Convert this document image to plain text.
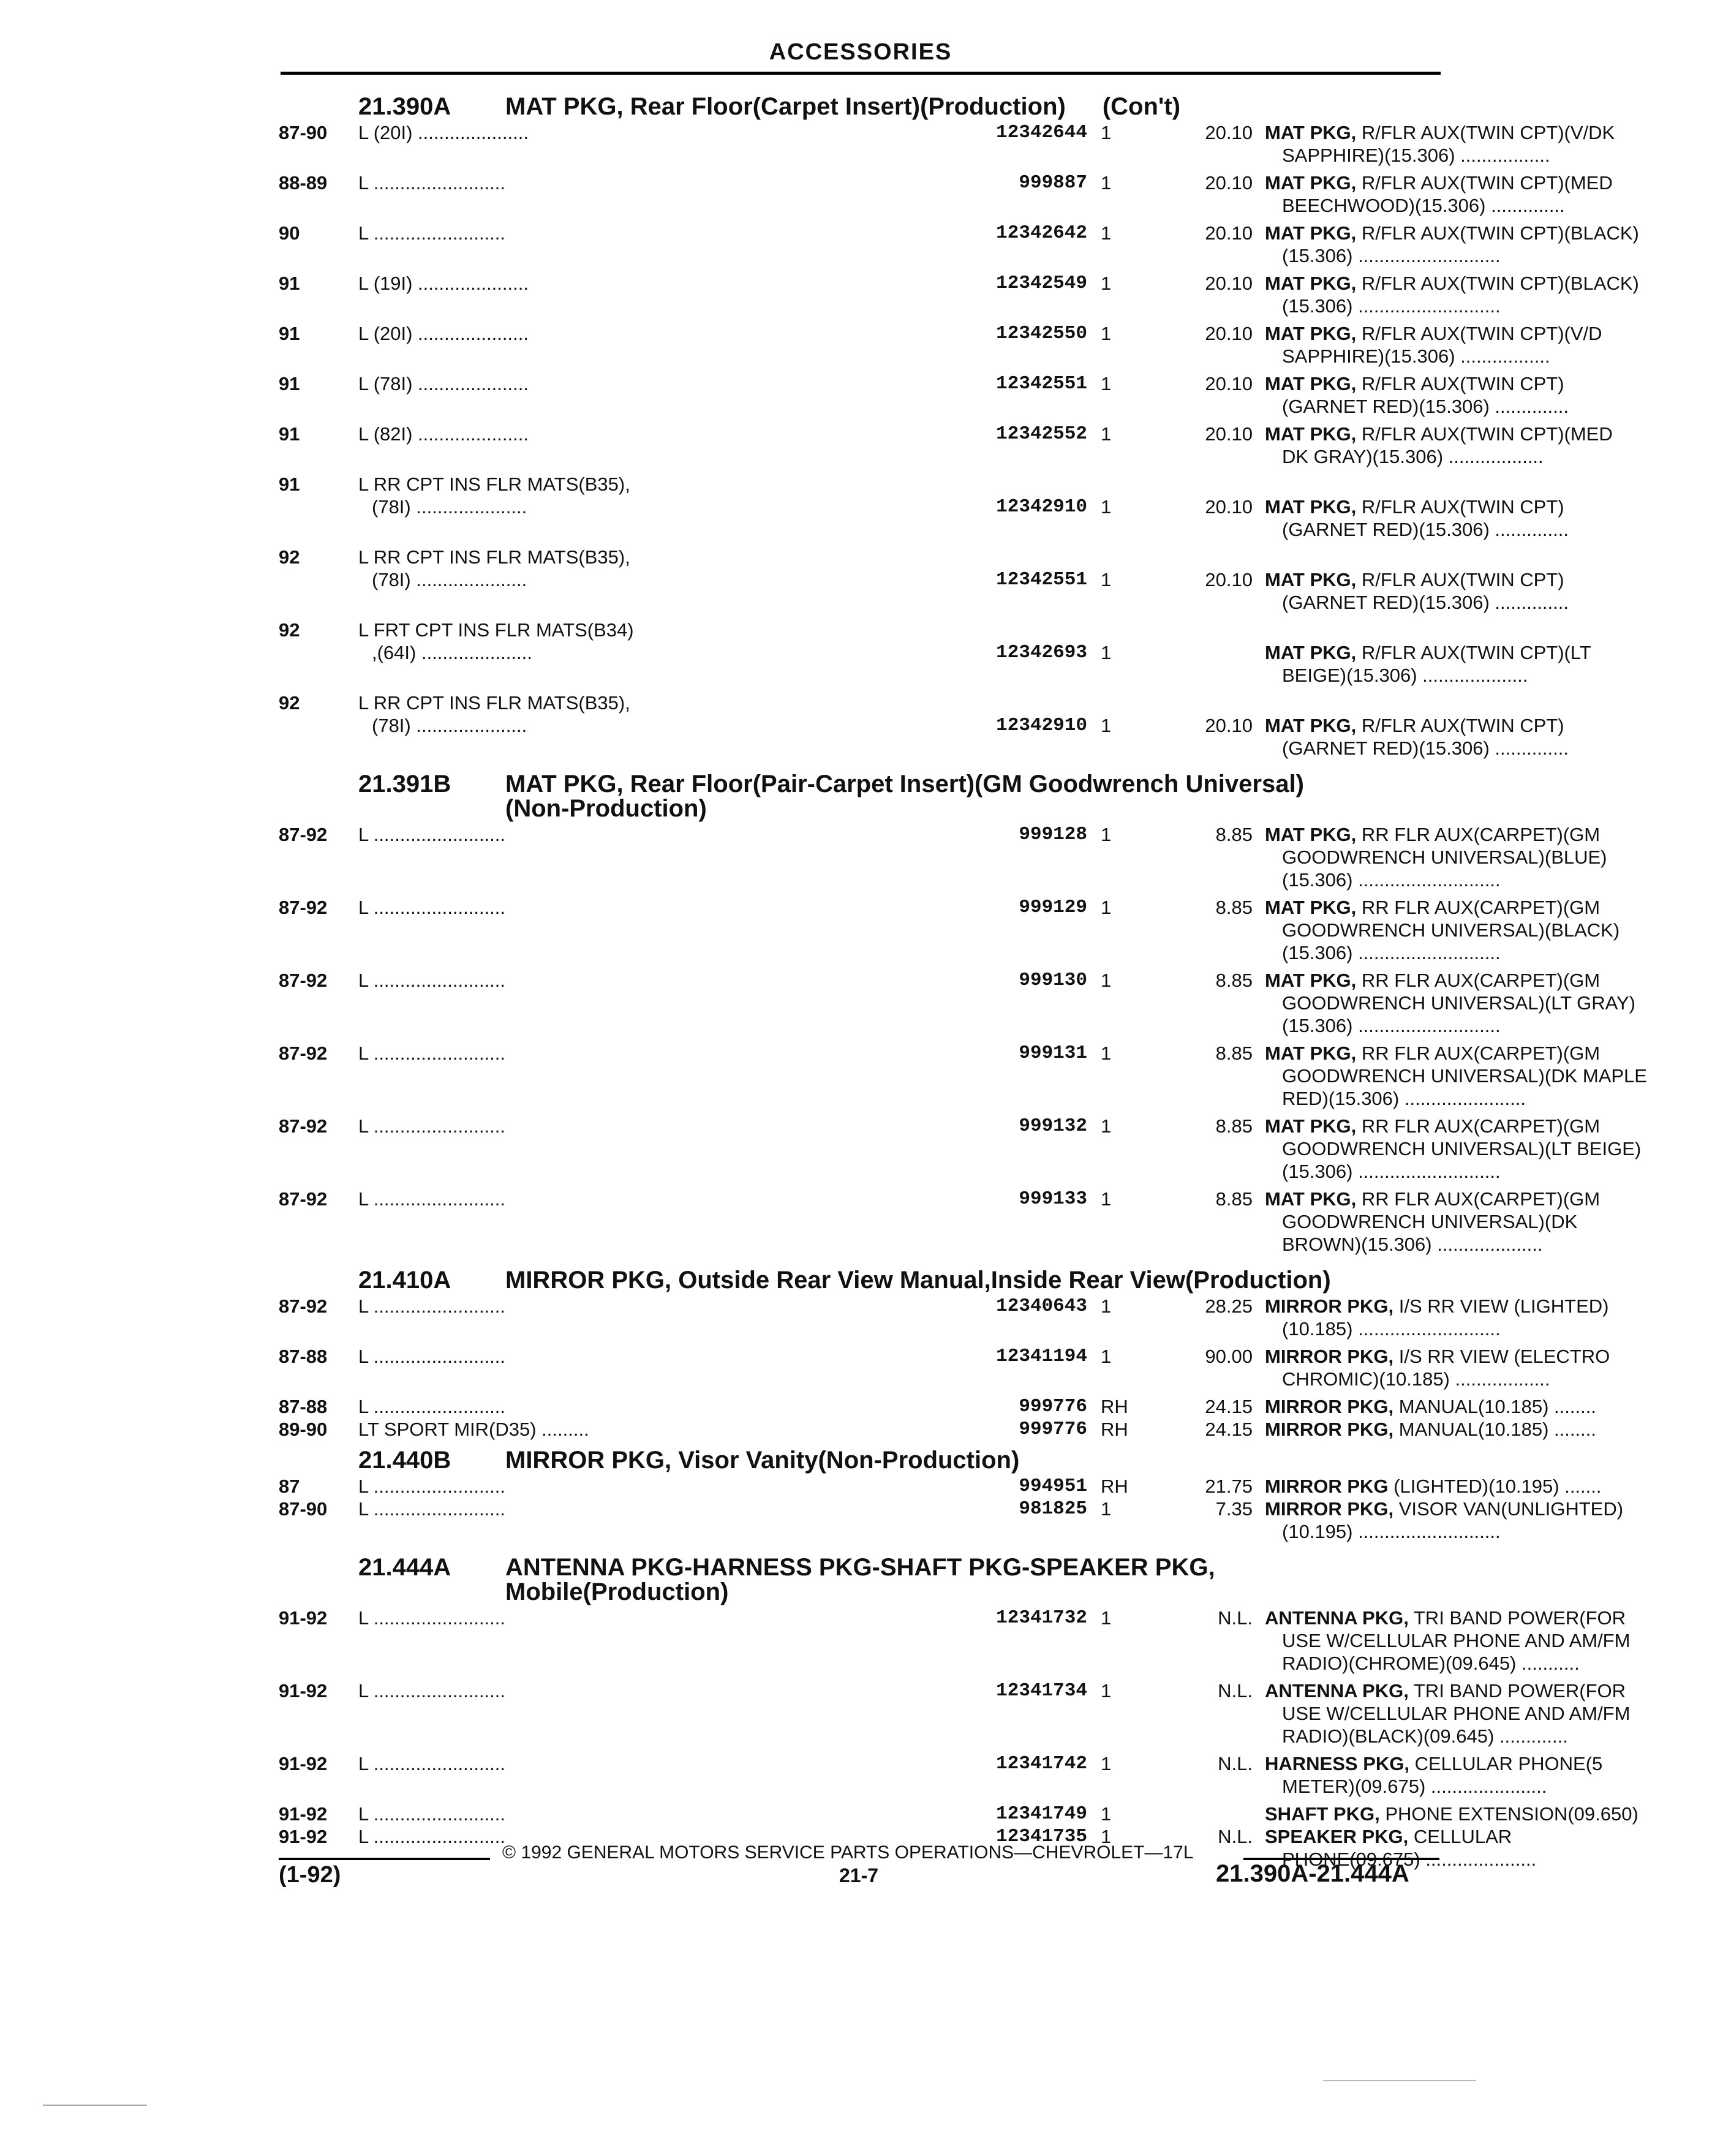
ACCESSORIES
21.390A MAT PKG, Rear Floor(Carpet Insert)(Production) (Con't)
87-90	L (20I) .....................	12342644 1	20.10 MAT PKG, R/FLR AUX(TWIN CPT)(V/DK
SAPPHIRE)(15.306) .................
88-89	L .........................	999887 1	20.10 MAT PKG, R/FLR AUX(TWIN CPT)(MED
BEECHWOOD)(15.306) ..............
90	L .........................	12342642 1	20.10 MAT PKG, R/FLR AUX(TWIN CPT)(BLACK)
(15.306) ...........................
91	L (19I) .....................	12342549 1	20.10 MAT PKG, R/FLR AUX(TWIN CPT)(BLACK)
(15.306) ...........................
91	L (20I) .....................	12342550 1	20.10 MAT PKG, R/FLR AUX(TWIN CPT)(V/D
SAPPHIRE)(15.306) .................
91	L (78I) .....................	12342551 1	20.10 MAT PKG, R/FLR AUX(TWIN CPT)
(GARNET RED)(15.306) ..............
91	L (82I) .....................	12342552 1	20.10 MAT PKG, R/FLR AUX(TWIN CPT)(MED
DK GRAY)(15.306) ..................
91	L RR CPT INS FLR MATS(B35),
(78I) .....................	12342910 1	20.10 MAT PKG, R/FLR AUX(TWIN CPT)
(GARNET RED)(15.306) ..............
92	L RR CPT INS FLR MATS(B35),
(78I) .....................	12342551 1	20.10 MAT PKG, R/FLR AUX(TWIN CPT)
(GARNET RED)(15.306) ..............
92	L FRT CPT INS FLR MATS(B34)
,(64I) .....................	12342693 1	MAT PKG, R/FLR AUX(TWIN CPT)(LT
BEIGE)(15.306) ....................
92	L RR CPT INS FLR MATS(B35),
(78I) .....................	12342910 1	20.10 MAT PKG, R/FLR AUX(TWIN CPT)
(GARNET RED)(15.306) ..............
21.391B MAT PKG, Rear Floor(Pair-Carpet Insert)(GM Goodwrench Universal)
(Non-Production)
87-92	L .........................	999128 1	8.85 MAT PKG, RR FLR AUX(CARPET)(GM
GOODWRENCH UNIVERSAL)(BLUE)
(15.306) ...........................
87-92	L .........................	999129 1	8.85 MAT PKG, RR FLR AUX(CARPET)(GM
GOODWRENCH UNIVERSAL)(BLACK)
(15.306) ...........................
87-92	L .........................	999130 1	8.85 MAT PKG, RR FLR AUX(CARPET)(GM
GOODWRENCH UNIVERSAL)(LT GRAY)
(15.306) ...........................
87-92	L .........................	999131 1	8.85 MAT PKG, RR FLR AUX(CARPET)(GM
GOODWRENCH UNIVERSAL)(DK MAPLE
RED)(15.306) .......................
87-92	L .........................	999132 1	8.85 MAT PKG, RR FLR AUX(CARPET)(GM
GOODWRENCH UNIVERSAL)(LT BEIGE)
(15.306) ...........................
87-92	L .........................	999133 1	8.85 MAT PKG, RR FLR AUX(CARPET)(GM
GOODWRENCH UNIVERSAL)(DK
BROWN)(15.306) ....................
21.410A MIRROR PKG, Outside Rear View Manual,Inside Rear View(Production)
87-92	L .........................	12340643 1	28.25 MIRROR PKG, I/S RR VIEW (LIGHTED)
(10.185) ...........................
87-88	L .........................	12341194 1	90.00 MIRROR PKG, I/S RR VIEW (ELECTRO
CHROMIC)(10.185) ..................
87-88	L .........................	999776 RH	24.15 MIRROR PKG, MANUAL(10.185) ........
89-90	LT SPORT MIR(D35) .........	999776 RH	24.15 MIRROR PKG, MANUAL(10.185) ........
21.440B MIRROR PKG, Visor Vanity(Non-Production)
87	L .........................	994951 RH	21.75 MIRROR PKG (LIGHTED)(10.195) .......
87-90	L .........................	981825 1	7.35 MIRROR PKG, VISOR VAN(UNLIGHTED)
(10.195) ...........................
21.444A ANTENNA PKG-HARNESS PKG-SHAFT PKG-SPEAKER PKG,
Mobile(Production)
91-92	L .........................	12341732 1	N.L. ANTENNA PKG, TRI BAND POWER(FOR
USE W/CELLULAR PHONE AND AM/FM
RADIO)(CHROME)(09.645) ...........
91-92	L .........................	12341734 1	N.L. ANTENNA PKG, TRI BAND POWER(FOR
USE W/CELLULAR PHONE AND AM/FM
RADIO)(BLACK)(09.645) .............
91-92	L .........................	12341742 1	N.L. HARNESS PKG, CELLULAR PHONE(5
METER)(09.675) ......................
91-92	L .........................	12341749 1	SHAFT PKG, PHONE EXTENSION(09.650)
91-92	L .........................	12341735 1	N.L. SPEAKER PKG, CELLULAR
PHONE(09.675) .....................
© 1992 GENERAL MOTORS SERVICE PARTS OPERATIONS—CHEVROLET—17L
(1-92)	21-7	21.390A-21.444A
